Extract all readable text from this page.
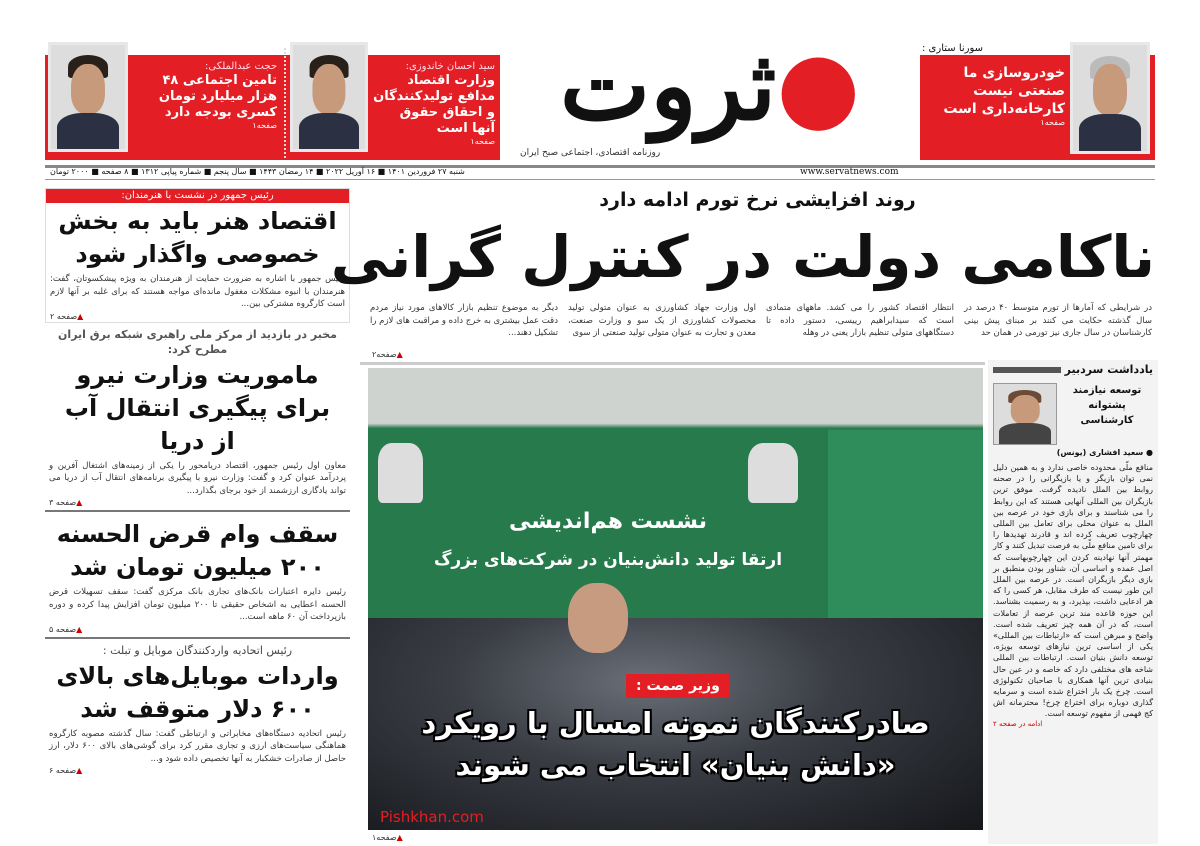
حجت عبدالملکی:
تامین اجتماعی ۴۸ هزار میلیارد تومان کسری بودجه دارد
صفحه۱
سید احسان خاندوزی:
وزارت اقتصاد مدافع تولیدکنندگان و احقاق حقوق آنها است
صفحه۱	●ثروت
روزنامه اقتصادی، اجتماعی صبح ایران
سورنا ستاری :
خودروسازی ما صنعتی نیست کارخانه‌داری است
صفحه۱
شنبه ۲۷ فروردین ۱۴۰۱ ■ ۱۶ آوریل ۲۰۲۲ ■ ۱۴ رمضان ۱۴۴۳ ■ سال پنجم ■ شماره پیاپی ۱۳۱۲ ■ ۸ صفحه ■ ۲۰۰۰ تومان	www.servatnews.com
رئیس جمهور در نشست با هنرمندان:
اقتصاد هنر باید به بخش خصوصی واگذار شود
رئیس جمهور با اشاره به ضرورت حمایت از هنرمندان به ویژه پیشکسوتان، گفت: هنرمندان با انبوه مشکلات مغفول مانده‌ای مواجه هستند که برای غلبه بر آنها لازم است کارگروه مشترکی بین...
▲صفحه ۲
مخبر در بازدید از مرکز ملی راهبری شبکه برق ایران مطرح کرد:
ماموریت وزارت نیرو برای پیگیری انتقال آب از دریا
معاون اول رئیس جمهور، اقتصاد دریامحور را یکی از زمینه‌های اشتغال آفرین و پردرآمد عنوان کرد و گفت: وزارت نیرو با پیگیری برنامه‌های انتقال آب از دریا می تواند یادگاری ارزشمند از خود برجای بگذارد...
▲صفحه ۳
سقف وام قرض الحسنه ۲۰۰ میلیون تومان شد
رئیس دایره اعتبارات بانک‌های تجاری بانک مرکزی گفت: سقف تسهیلات قرض الحسنه اعطایی به اشخاص حقیقی تا ۲۰۰ میلیون تومان افزایش پیدا کرده و دوره بازپرداخت آن ۶۰ ماهه است...
▲صفحه ۵
رئیس اتحادیه واردکنندگان موبایل و تبلت :
واردات موبایل‌های بالای ۶۰۰ دلار متوقف شد
رئیس اتحادیه دستگاه‌های مخابراتی و ارتباطی گفت: سال گذشته مصوبه کارگروه هماهنگی سیاست‌های ارزی و تجاری مقرر کرد برای گوشی‌های بالای ۶۰۰ دلار، ارز حاصل از صادرات خشکبار به آنها تخصیص داده شود و...
▲صفحه ۶
روند افزایشی نرخ تورم ادامه دارد
ناکامی دولت در کنترل گرانی
در شرایطی که آمارها از تورم متوسط ۴۰ درصد در سال گذشته حکایت می کنند بر مبنای پیش بینی کارشناسان در سال جاری نیز تورمی در همان حد
انتظار اقتصاد کشور را می کشد. ماههای متمادی است که سیدابراهیم رییسی، دستور داده تا دستگاههای متولی تنظیم بازار یعنی در وهله
اول وزارت جهاد کشاورزی به عنوان متولی تولید محصولات کشاورزی از یک سو و وزارت صنعت، معدن و تجارت به عنوان متولی تولید صنعتی از سوی
دیگر به موضوع تنظیم بازار کالاهای مورد نیاز مردم دقت عمل بیشتری به خرج داده و مراقبت های لازم را تشکیل دهند...
▲صفحه۲
نشست هم‌اندیشی
ارتقا تولید دانش‌بنیان در شرکت‌های بزرگ
وزیر صمت :
صادرکنندگان نمونه امسال با رویکرد «دانش بنیان» انتخاب می شوند
Pishkhan.com
▲صفحه۱
یادداشت سردبیر
توسعه نیازمند پشتوانه کارشناسی
● سعید افشاری (یونس)
منافع ملّی محدوده خاصی ندارد و به همین دلیل نمی توان بازیگر و یا بازیگرانی را در صحنه روابط بین الملل نادیده گرفت. موفق ترین بازیگران بین المللی آنهایی هستند که این روابط را می شناسند و برای بازی خود در عرصه بین الملل به عنوان محلی برای تعامل بین المللی چهارچوب تعریف کرده اند و قادرند تهدیدها را برای تامین منافع ملّی به فرصت تبدیل کنند و کار مهمتر آنها نهادینه کردن این چهارچوبهاست که اصل عمده و اساسی آن، شناور بودن منطبق بر بازی دیگر بازیگران است. در عرصه بین الملل این طور نیست که طرف مقابل، هر کسی را که هر ادعایی داشت، بپذیرد، و به رسمیت بشناسد. این حوزه قاعده مند ترین عرصه از تعاملات است، که در آن همه چیز تعریف شده است. واضح و مبرهن است که «ارتباطات بین المللی» یکی از اساسی ترین نیازهای توسعه بویژه، توسعه دانش بنیان است. ارتباطات بین المللی شاخه های مختلفی دارد که خاصه و در عین حال بنیادی ترین آنها همکاری با صاحبان تکنولوژی است. چرخ یک بار اختراع شده است و سرمایه گذاری دوباره برای اختراع چرخ! محترمانه اش کج فهمی از مفهوم توسعه است.
ادامه در صفحه ۲
